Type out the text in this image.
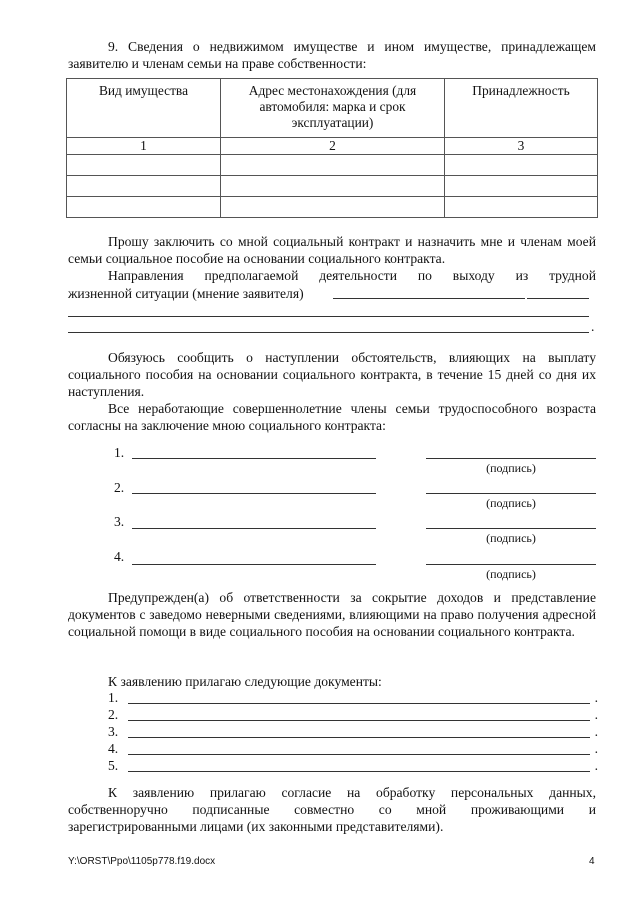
9. Сведения о недвижимом имуществе и ином имуществе, принадлежащем заявителю и членам семьи на праве собственности:
Вид имущества	Адрес местонахождения (для автомобиля: марка и срок эксплуатации)	Принадлежность
1	2	3

Прошу заключить со мной социальный контракт и назначить мне и членам моей семьи социальное пособие на основании социального контракта.
Направления предполагаемой деятельности по выходу из трудной
жизненной ситуации (мнение заявителя)
.
Обязуюсь сообщить о наступлении обстоятельств, влияющих на выплату социального пособия на основании социального контракта, в течение 15 дней со дня их наступления.
Все неработающие совершеннолетние члены семьи трудоспособного возраста согласны на заключение мною социального контракта:
1.
(подпись)
2.
(подпись)
3.
(подпись)
4.
(подпись)
Предупрежден(а) об ответственности за сокрытие доходов и представление документов с заведомо неверными сведениями, влияющими на право получения адресной социальной помощи в виде социального пособия на основании социального контракта.
К заявлению прилагаю следующие документы:
1.	.
2.	.
3.	.
4.	.
5.	.
К заявлению прилагаю согласие на обработку персональных данных, собственноручно подписанные совместно со мной проживающими и зарегистрированными лицами (их законными представителями).
Y:\ORST\Ppo\1105p778.f19.docx	4
